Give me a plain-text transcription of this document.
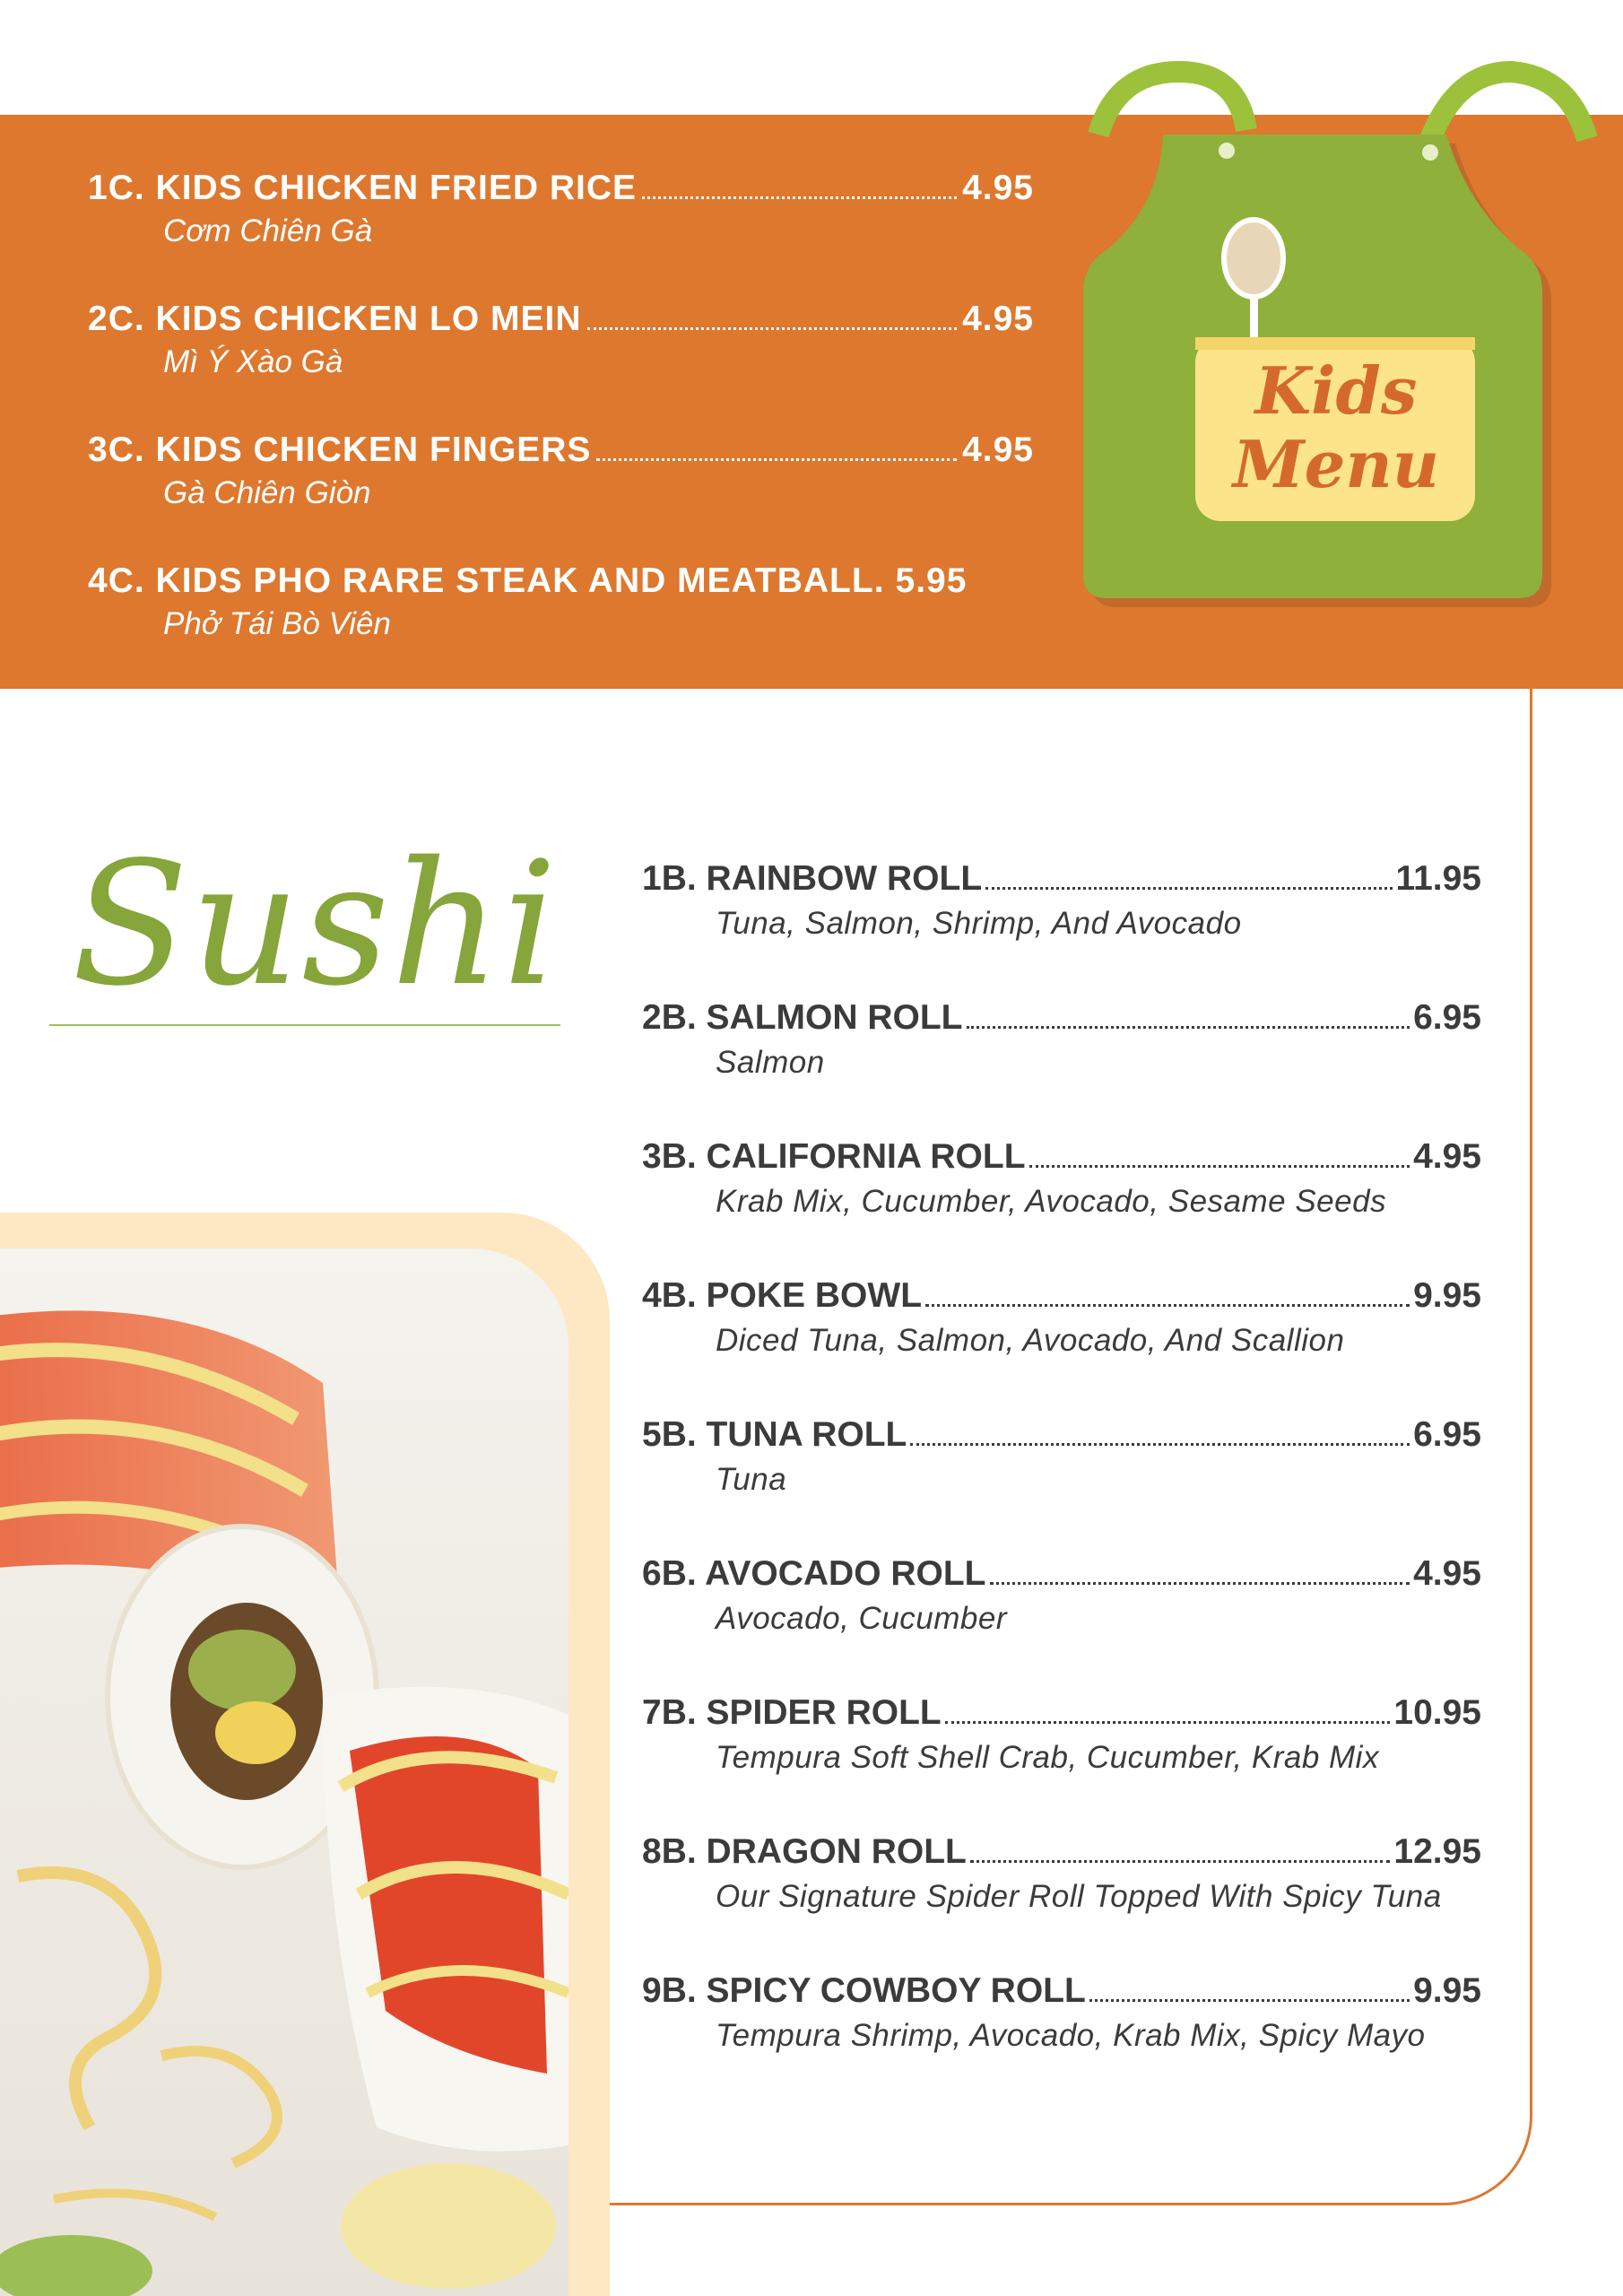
1C. KIDS CHICKEN FRIED RICE	4.95
Cơm Chiên Gà
2C. KIDS CHICKEN LO MEIN	4.95
Mì Ý Xào Gà
3C. KIDS CHICKEN FINGERS	4.95
Gà Chiên Giòn
4C. KIDS PHO RARE STEAK AND MEATBALL. 5.95
Phở Tái Bò Viên
Kids
Menu
Sushi 1B. RAINBOW ROLL	11.95
Tuna, Salmon, Shrimp, And Avocado
2B. SALMON ROLL	6.95
Salmon
3B. CALIFORNIA ROLL	4.95
Krab Mix, Cucumber, Avocado, Sesame Seeds
4B. POKE BOWL	9.95
Diced Tuna, Salmon, Avocado, And Scallion
5B. TUNA ROLL	6.95
Tuna
6B. AVOCADO ROLL	4.95
Avocado, Cucumber
7B. SPIDER ROLL	10.95
Tempura Soft Shell Crab, Cucumber, Krab Mix
8B. DRAGON ROLL	12.95
Our Signature Spider Roll Topped With Spicy Tuna
9B. SPICY COWBOY ROLL	9.95
Tempura Shrimp, Avocado, Krab Mix, Spicy Mayo
